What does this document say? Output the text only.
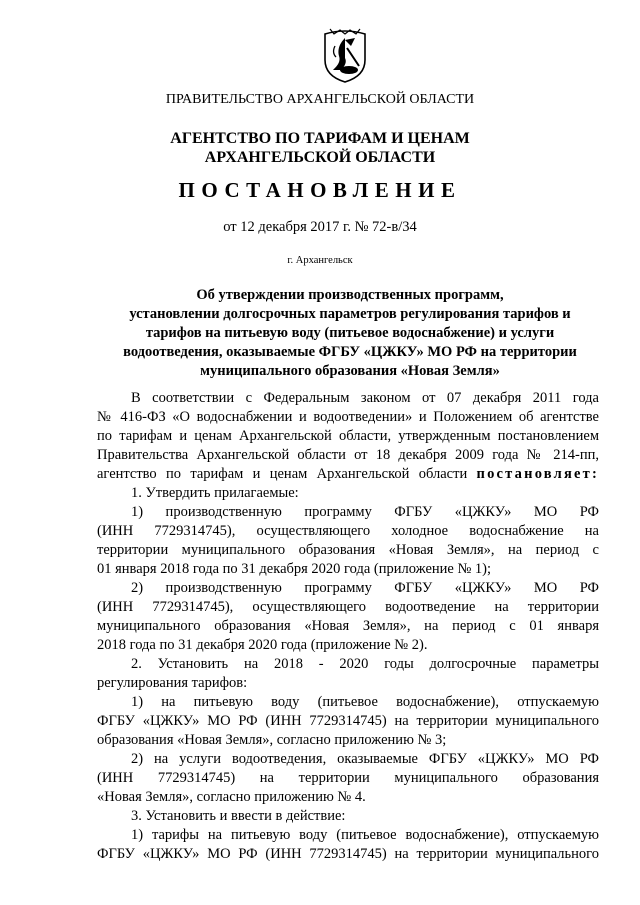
ПРАВИТЕЛЬСТВО АРХАНГЕЛЬСКОЙ ОБЛАСТИ
АГЕНТСТВО ПО ТАРИФАМ И ЦЕНАМ
АРХАНГЕЛЬСКОЙ ОБЛАСТИ
ПОСТАНОВЛЕНИЕ
от 12 декабря 2017 г. № 72-в/34
г. Архангельск
Об утверждении производственных программ,
установлении долгосрочных параметров регулирования тарифов и
тарифов на питьевую воду (питьевое водоснабжение) и услуги
водоотведения, оказываемые ФГБУ «ЦЖКУ» МО РФ на территории
муниципального образования «Новая Земля»
В соответствии с Федеральным законом от 07 декабря 2011 года
№ 416-ФЗ «О водоснабжении и водоотведении» и Положением об агентстве
по тарифам и ценам Архангельской области, утвержденным постановлением
Правительства Архангельской области от 18 декабря 2009 года № 214-пп,
агентство по тарифам и ценам Архангельской области постановляет:
1. Утвердить прилагаемые:
1) производственную программу ФГБУ «ЦЖКУ» МО РФ
(ИНН 7729314745), осуществляющего холодное водоснабжение на
территории муниципального образования «Новая Земля», на период с
01 января 2018 года по 31 декабря 2020 года (приложение № 1);
2) производственную программу ФГБУ «ЦЖКУ» МО РФ
(ИНН 7729314745), осуществляющего водоотведение на территории
муниципального образования «Новая Земля», на период с 01 января
2018 года по 31 декабря 2020 года (приложение № 2).
2. Установить на 2018 - 2020 годы долгосрочные параметры
регулирования тарифов:
1) на питьевую воду (питьевое водоснабжение), отпускаемую
ФГБУ «ЦЖКУ» МО РФ (ИНН 7729314745) на территории муниципального
образования «Новая Земля», согласно приложению № 3;
2) на услуги водоотведения, оказываемые ФГБУ «ЦЖКУ» МО РФ
(ИНН 7729314745) на территории муниципального образования
«Новая Земля», согласно приложению № 4.
3. Установить и ввести в действие:
1) тарифы на питьевую воду (питьевое водоснабжение), отпускаемую
ФГБУ «ЦЖКУ» МО РФ (ИНН 7729314745) на территории муниципального
